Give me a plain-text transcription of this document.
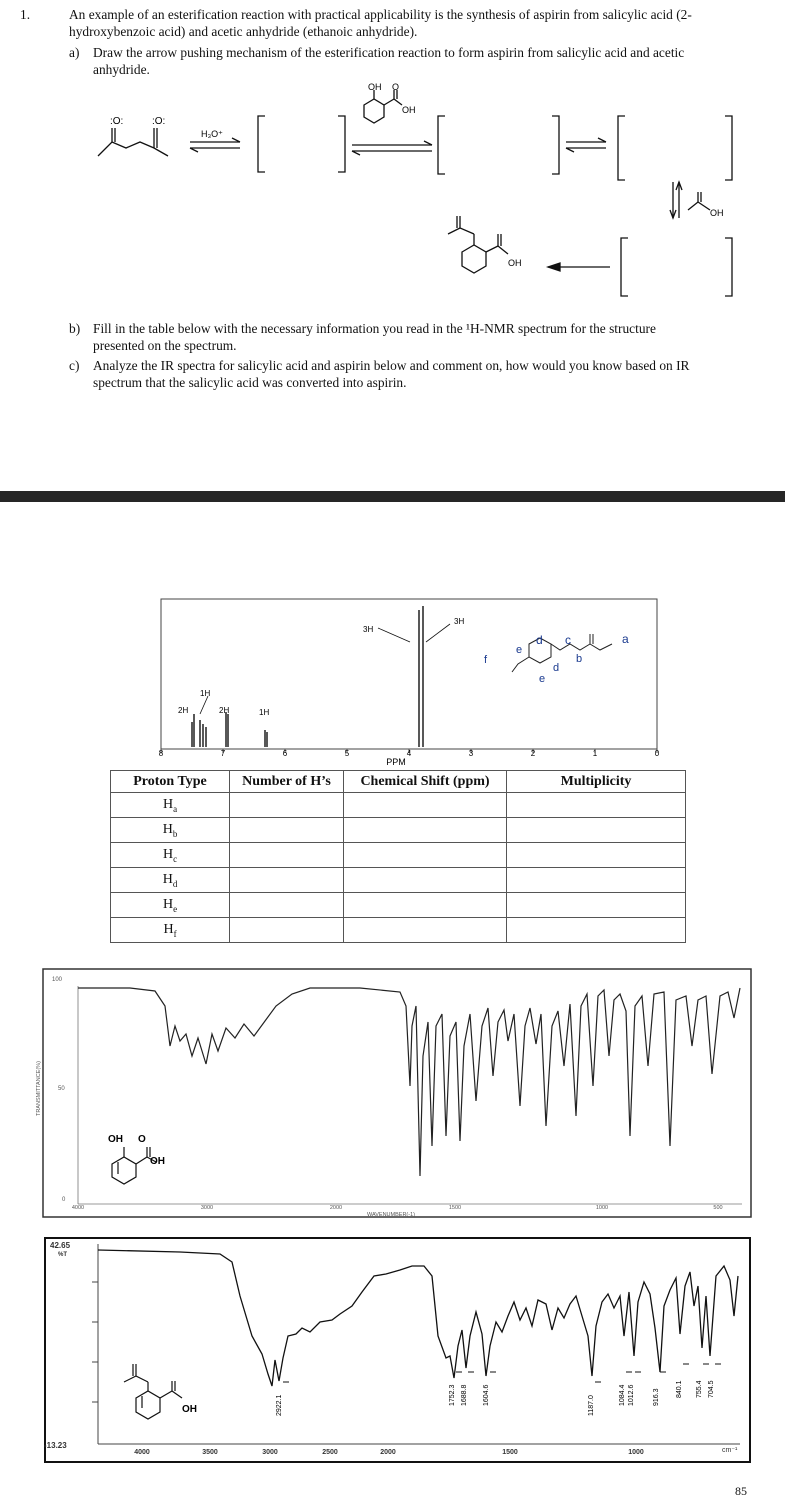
1.	An example of an esterification reaction with practical applicability is the synthesis of aspirin from salicylic acid (2-
hydroxybenzoic acid) and acetic anhydride (ethanoic anhydride).
a) Draw the arrow pushing mechanism of the esterification reaction to form aspirin from salicylic acid and acetic
anhydride.
:O:	:O:
H₃O⁺
OH O
OH
OH
OH
b) Fill in the table below with the necessary information you read in the ¹H-NMR spectrum for the structure
presented on the spectrum.
c) Analyze the IR spectra for salicylic acid and aspirin below and comment on, how would you know based on IR
spectrum that the salicylic acid was converted into aspirin.
8	7	6	5	4	3	2	1	0
PPM
1H
2H	2H	1H
3H
3H
e
d c	a
b
d
e
f
Proton Type	Number of H’s	Chemical Shift (ppm)	Multiplicity
$H_a$			
$H_b$			
$H_c$			
$H_d$			
$H_e$			
$H_f$			
100
50
0
TRANSMITTANCE(%)
4000	3000	2000	1500	1000	500
WAVENUMBER(-1)
OH O
OH
42.65
%T
-13.23
4000	3500	3000	2500	2000	1500	1000	cm⁻¹
2922.1	1752.3 1688.8 1604.6	1187.0	1084.4 1012.6	916.3 840.1 755.4 704.5
OH
85
